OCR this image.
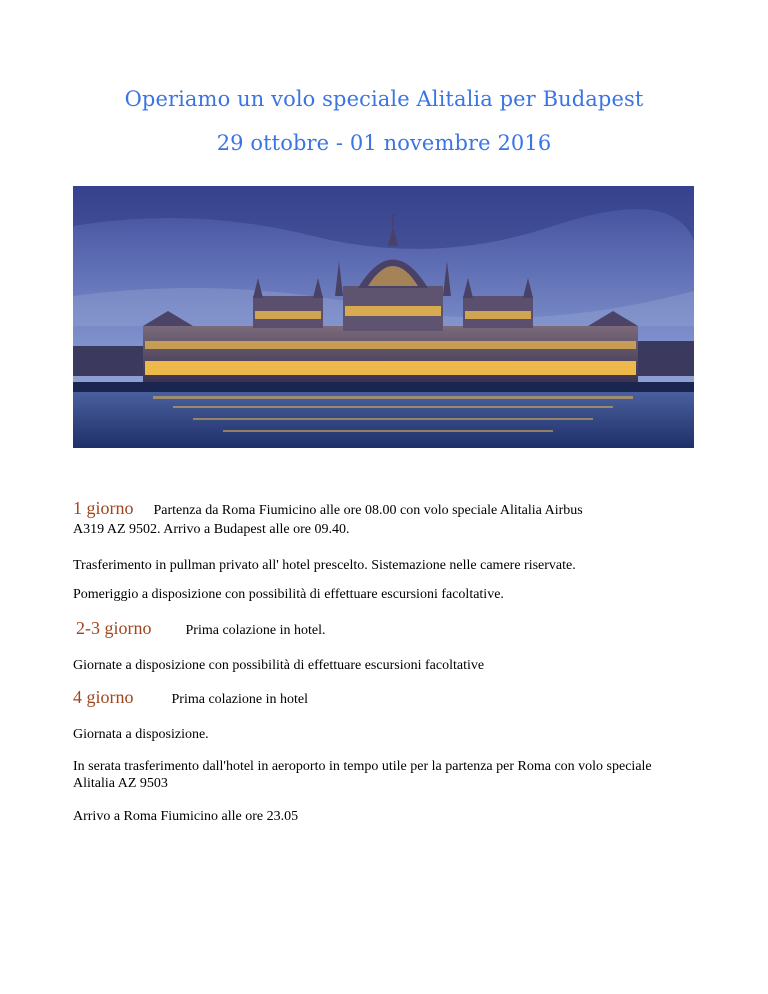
Operiamo un volo speciale Alitalia per Budapest
29 ottobre - 01 novembre 2016
1 giorno Partenza da Roma Fiumicino alle ore 08.00 con volo speciale Alitalia Airbus
A319 AZ 9502. Arrivo a Budapest alle ore 09.40.
Trasferimento in pullman privato all' hotel prescelto. Sistemazione nelle camere riservate.
Pomeriggio a disposizione con possibilità di effettuare escursioni facoltative.
2-3 giorno Prima colazione in hotel.
Giornate a disposizione con possibilità di effettuare escursioni facoltative
4 giorno	Prima colazione in hotel
Giornata a disposizione.
In serata trasferimento dall'hotel in aeroporto in tempo utile per la partenza per Roma con volo speciale Alitalia AZ 9503
Arrivo a Roma Fiumicino alle ore 23.05
